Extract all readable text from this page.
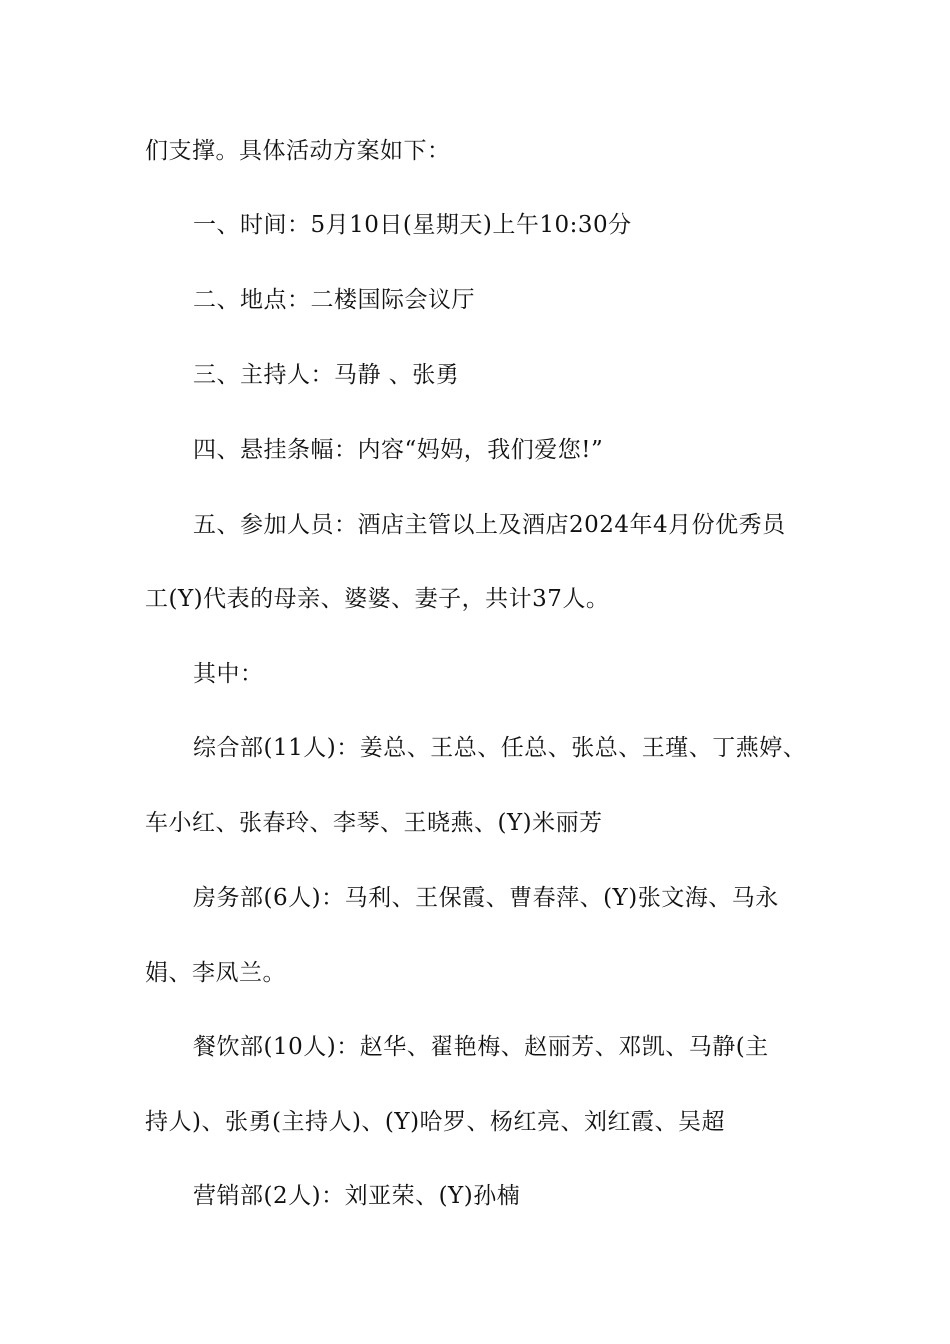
们支撑。具体活动方案如下：
一、时间：5月10日(星期天)上午10:30分
二、地点：二楼国际会议厅
三、主持人：马静 、张勇
四、悬挂条幅：内容“妈妈，我们爱您!”
五、参加人员：酒店主管以上及酒店2024年4月份优秀员
工(Y)代表的母亲、婆婆、妻子，共计37人。
其中：
综合部(11人)：姜总、王总、任总、张总、王瑾、丁燕婷、
车小红、张春玲、李琴、王晓燕、(Y)米丽芳
房务部(6人)：马利、王保霞、曹春萍、(Y)张文海、马永
娟、李凤兰。
餐饮部(10人)：赵华、翟艳梅、赵丽芳、邓凯、马静(主
持人)、张勇(主持人)、(Y)哈罗、杨红亮、刘红霞、吴超
营销部(2人)：刘亚荣、(Y)孙楠
